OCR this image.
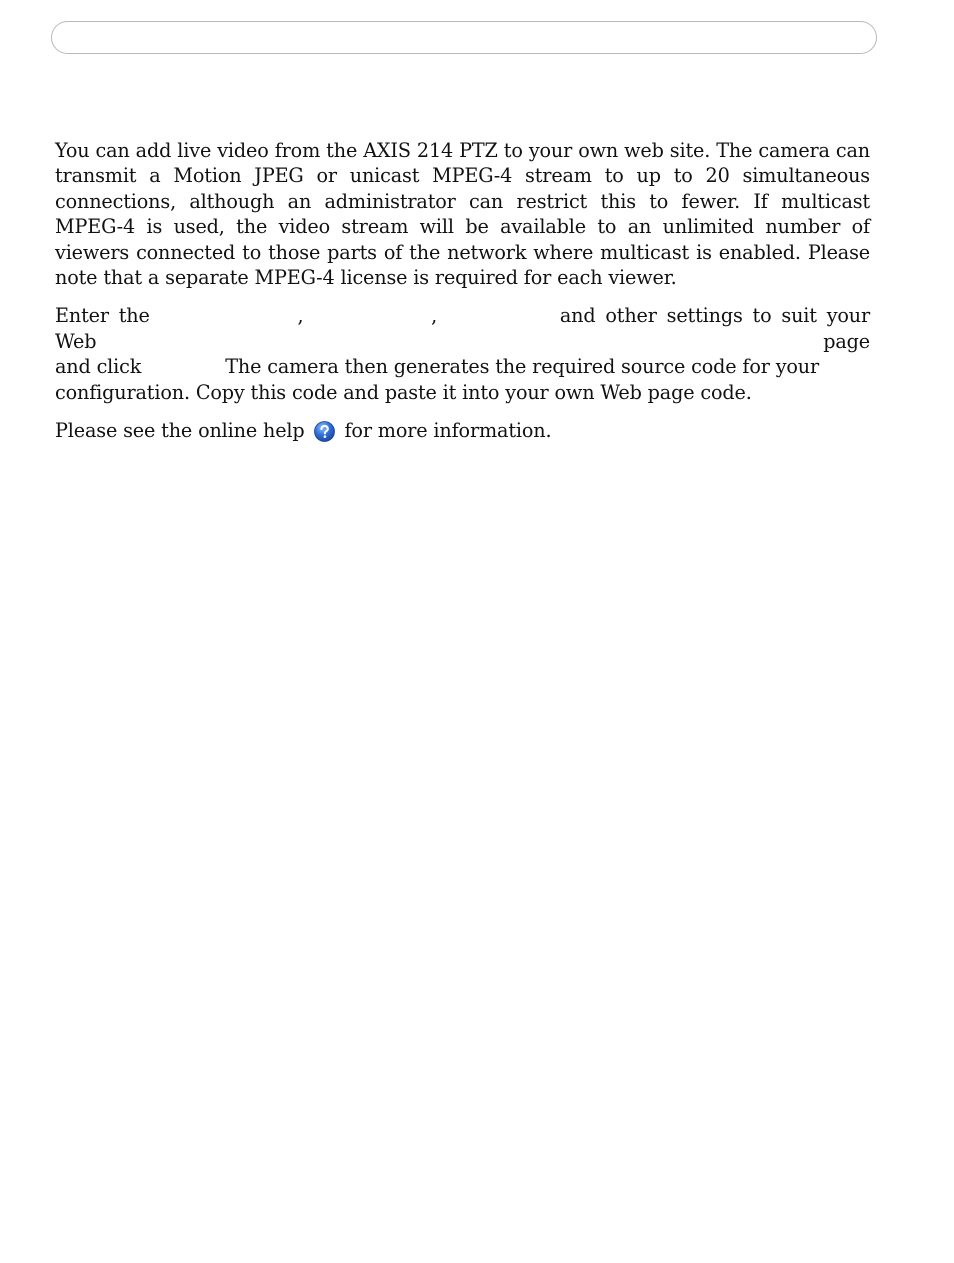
You can add live video from the AXIS 214 PTZ to your own web site. The camera can transmit a Motion JPEG or unicast MPEG-4 stream to up to 20 simultaneous connections, although an administrator can restrict this to fewer. If multicast MPEG-4 is used, the video stream will be available to an unlimited number of viewers connected to those parts of the network where multicast is enabled. Please note that a separate MPEG-4 license is required for each viewer.

Enter the	,	,	and other settings to suit your Web page
and click	The camera then generates the required source code for your
configuration. Copy this code and paste it into your own Web page code.

Please see the online help for more information.
